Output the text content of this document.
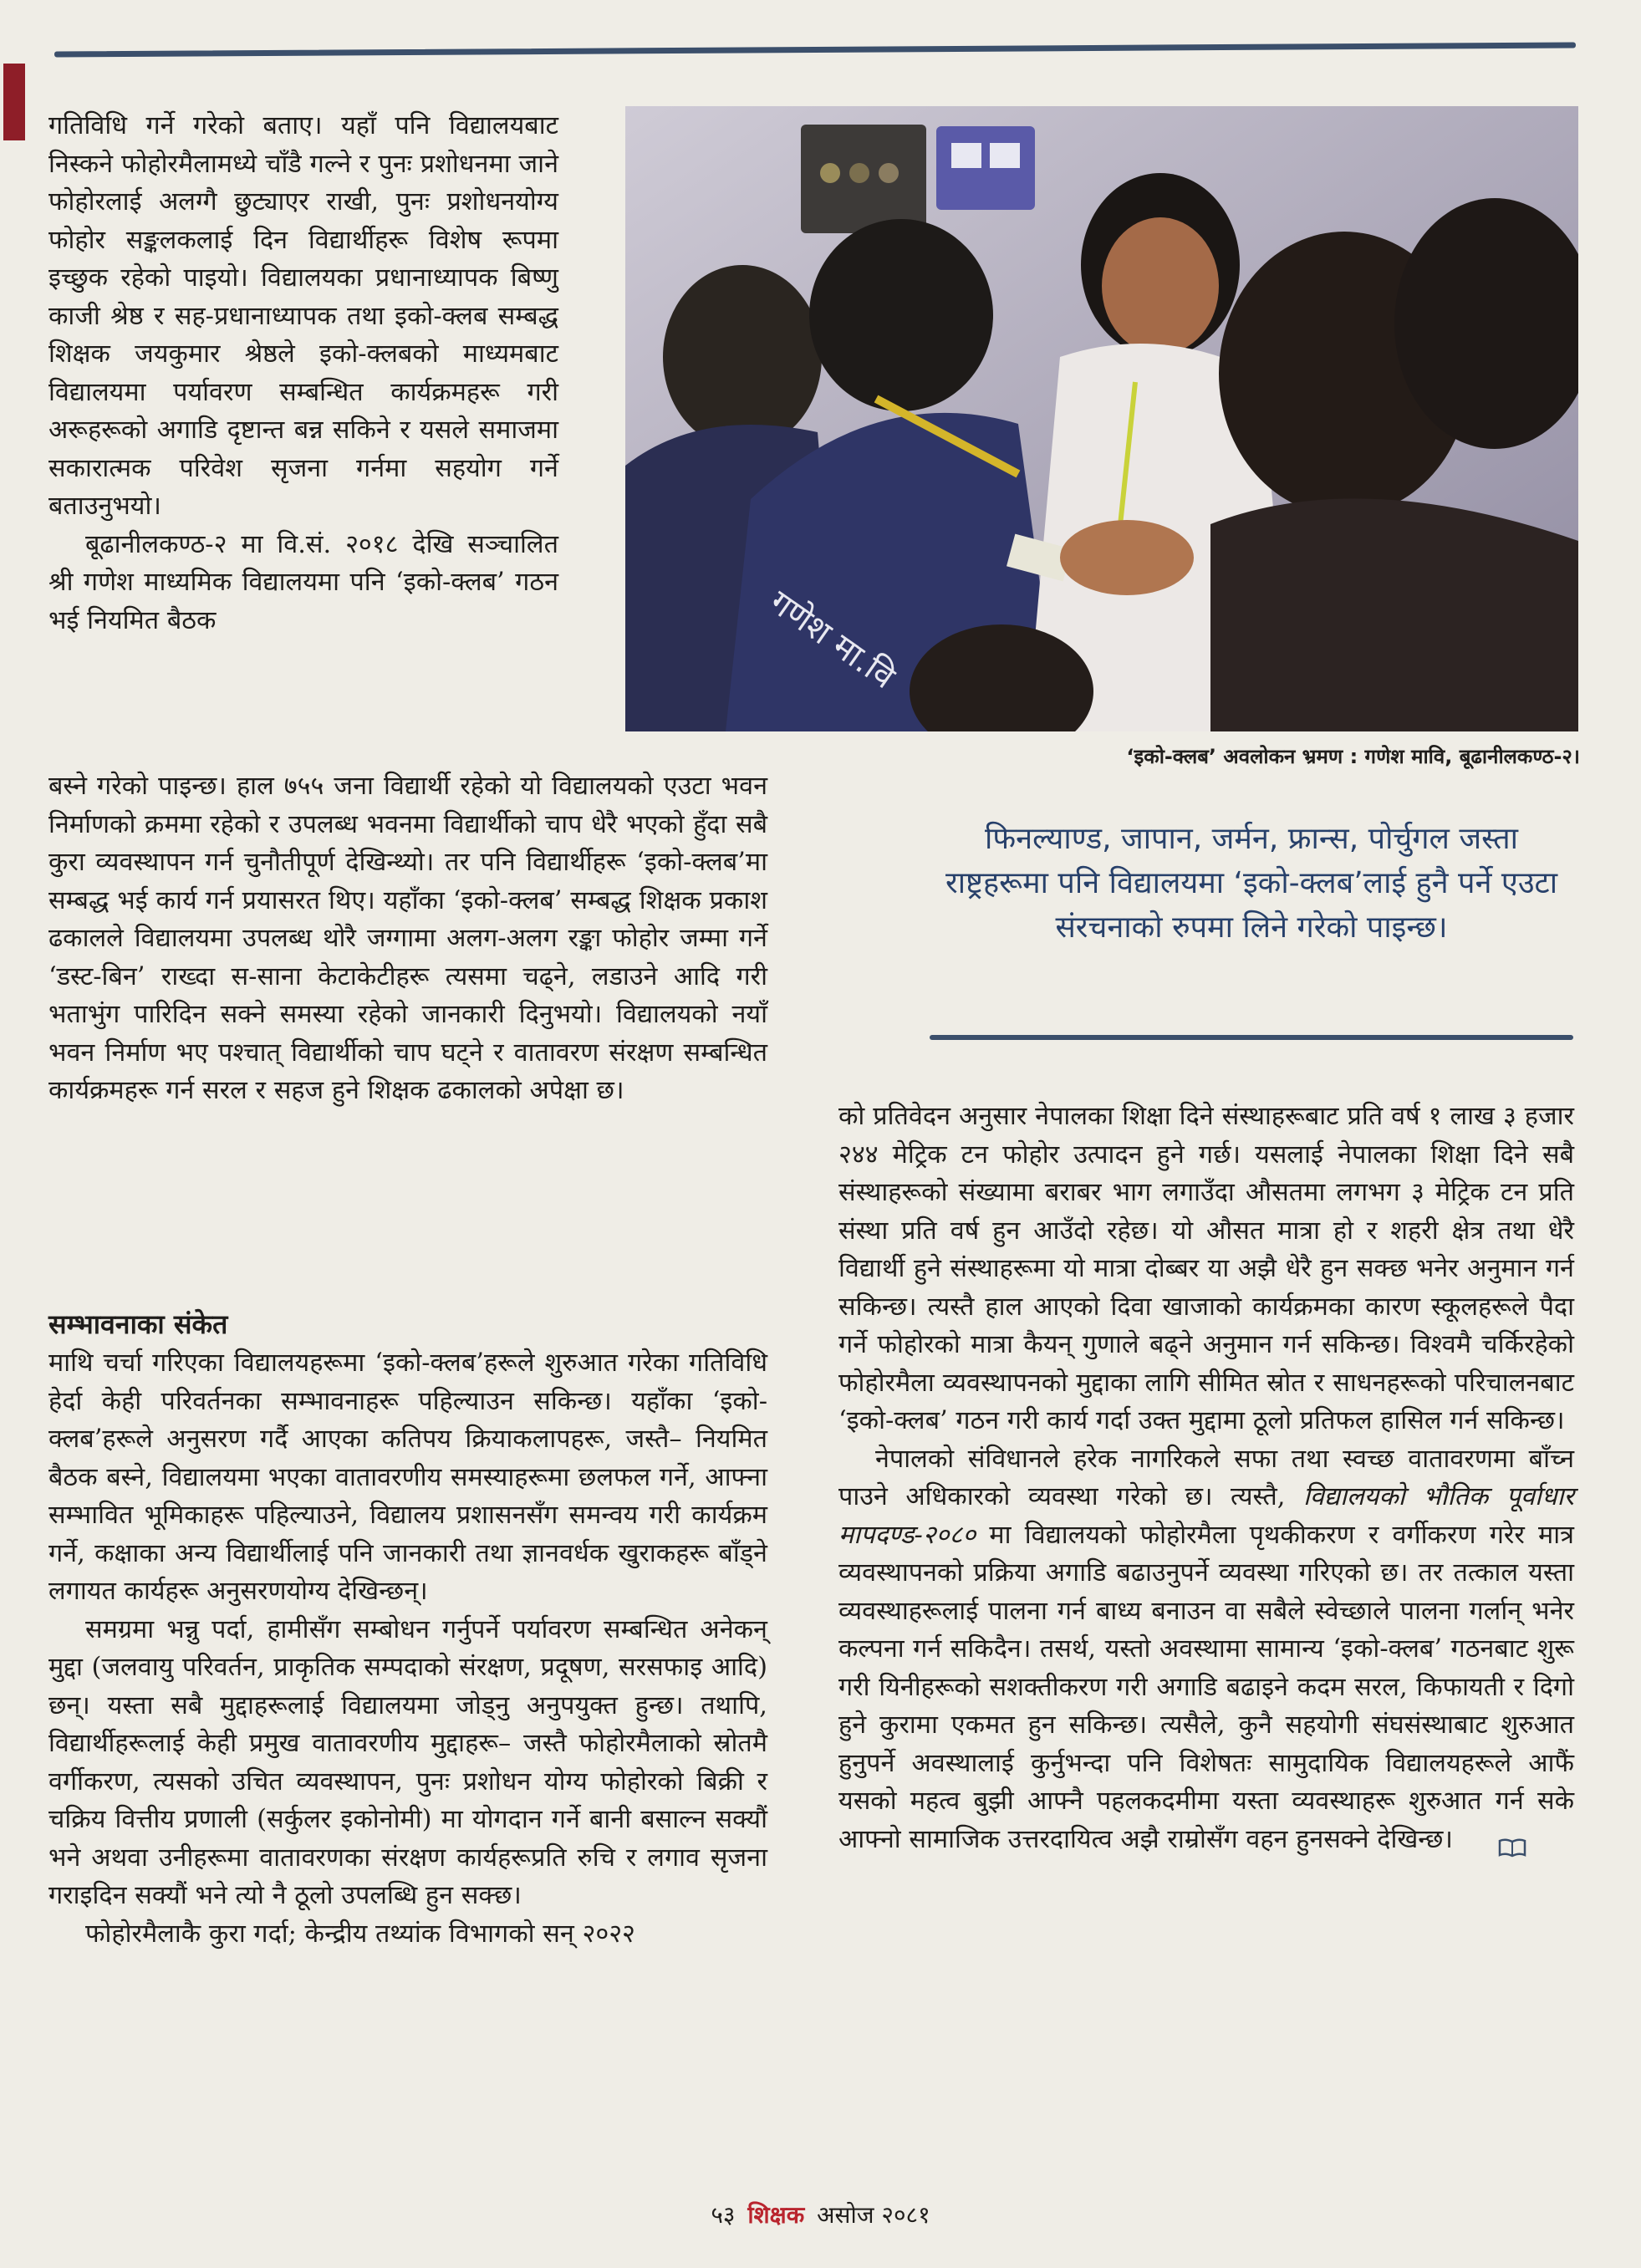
गतिविधि गर्ने गरेको बताए। यहाँ पनि विद्यालयबाट निस्कने फोहोरमैलामध्ये चाँडै गल्ने र पुनः प्रशोधनमा जाने फोहोरलाई अलग्गै छुट्याएर राखी, पुनः प्रशोधनयोग्य फोहोर सङ्कलकलाई दिन विद्यार्थीहरू विशेष रूपमा इच्छुक रहेको पाइयो। विद्यालयका प्रधानाध्यापक बिष्णु काजी श्रेष्ठ र सह-प्रधानाध्यापक तथा इको-क्लब सम्बद्ध शिक्षक जयकुमार श्रेष्ठले इको-क्लबको माध्यमबाट विद्यालयमा पर्यावरण सम्बन्धित कार्यक्रमहरू गरी अरूहरूको अगाडि दृष्टान्त बन्न सकिने र यसले समाजमा सकारात्मक परिवेश सृजना गर्नमा सहयोग गर्ने बताउनुभयो।

बूढानीलकण्ठ-२ मा वि.सं. २०१८ देखि सञ्चालित श्री गणेश माध्यमिक विद्यालयमा पनि ‘इको-क्लब’ गठन भई नियमित बैठक

बस्ने गरेको पाइन्छ। हाल ७५५ जना विद्यार्थी रहेको यो विद्यालयको एउटा भवन निर्माणको क्रममा रहेको र उपलब्ध भवनमा विद्यार्थीको चाप धेरै भएको हुँदा सबै कुरा व्यवस्थापन गर्न चुनौतीपूर्ण देखिन्थ्यो। तर पनि विद्यार्थीहरू ‘इको-क्लब’मा सम्बद्ध भई कार्य गर्न प्रयासरत थिए। यहाँका ‘इको-क्लब’ सम्बद्ध शिक्षक प्रकाश ढकालले विद्यालयमा उपलब्ध थोरै जग्गामा अलग-अलग रङ्का फोहोर जम्मा गर्ने ‘डस्ट-बिन’ राख्दा स-साना केटाकेटीहरू त्यसमा चढ्ने, लडाउने आदि गरी भताभुंग पारिदिन सक्ने समस्या रहेको जानकारी दिनुभयो। विद्यालयको नयाँ भवन निर्माण भए पश्चात् विद्यार्थीको चाप घट्ने र वातावरण संरक्षण सम्बन्धित कार्यक्रमहरू गर्न सरल र सहज हुने शिक्षक ढकालको अपेक्षा छ।

सम्भावनाका संकेत

माथि चर्चा गरिएका विद्यालयहरूमा ‘इको-क्लब’हरूले शुरुआत गरेका गतिविधि हेर्दा केही परिवर्तनका सम्भावनाहरू पहिल्याउन सकिन्छ। यहाँका ‘इको-क्लब’हरूले अनुसरण गर्दै आएका कतिपय क्रियाकलापहरू, जस्तै– नियमित बैठक बस्ने, विद्यालयमा भएका वातावरणीय समस्याहरूमा छलफल गर्ने, आफ्ना सम्भावित भूमिकाहरू पहिल्याउने, विद्यालय प्रशासनसँग समन्वय गरी कार्यक्रम गर्ने, कक्षाका अन्य विद्यार्थीलाई पनि जानकारी तथा ज्ञानवर्धक खुराकहरू बाँड्ने लगायत कार्यहरू अनुसरणयोग्य देखिन्छन्।

समग्रमा भन्नु पर्दा, हामीसँग सम्बोधन गर्नुपर्ने पर्यावरण सम्बन्धित अनेकन् मुद्दा (जलवायु परिवर्तन, प्राकृतिक सम्पदाको संरक्षण, प्रदूषण, सरसफाइ आदि) छन्। यस्ता सबै मुद्दाहरूलाई विद्यालयमा जोड्नु अनुपयुक्त हुन्छ। तथापि, विद्यार्थीहरूलाई केही प्रमुख वातावरणीय मुद्दाहरू– जस्तै फोहोरमैलाको स्रोतमै वर्गीकरण, त्यसको उचित व्यवस्थापन, पुनः प्रशोधन योग्य फोहोरको बिक्री र चक्रिय वित्तीय प्रणाली (सर्कुलर इकोनोमी) मा योगदान गर्ने बानी बसाल्न सक्यौं भने अथवा उनीहरूमा वातावरणका संरक्षण कार्यहरूप्रति रुचि र लगाव सृजना गराइदिन सक्यौं भने त्यो नै ठूलो उपलब्धि हुन सक्छ।

फोहोरमैलाकै कुरा गर्दा; केन्द्रीय तथ्यांक विभागको सन् २०२२

गणेश मा.वि
‘इको-क्लब’ अवलोकन भ्रमण : गणेश मावि, बूढानीलकण्ठ-२।
फिनल्याण्ड, जापान, जर्मन, फ्रान्स, पोर्चुगल जस्ता राष्ट्रहरूमा पनि विद्यालयमा ‘इको-क्लब’लाई हुनै पर्ने एउटा संरचनाको रुपमा लिने गरेको पाइन्छ।

को प्रतिवेदन अनुसार नेपालका शिक्षा दिने संस्थाहरूबाट प्रति वर्ष १ लाख ३ हजार २४४ मेट्रिक टन फोहोर उत्पादन हुने गर्छ। यसलाई नेपालका शिक्षा दिने सबै संस्थाहरूको संख्यामा बराबर भाग लगाउँदा औसतमा लगभग ३ मेट्रिक टन प्रति संस्था प्रति वर्ष हुन आउँदो रहेछ। यो औसत मात्रा हो र शहरी क्षेत्र तथा धेरै विद्यार्थी हुने संस्थाहरूमा यो मात्रा दोब्बर या अझै धेरै हुन सक्छ भनेर अनुमान गर्न सकिन्छ। त्यस्तै हाल आएको दिवा खाजाको कार्यक्रमका कारण स्कूलहरूले पैदा गर्ने फोहोरको मात्रा कैयन् गुणाले बढ्ने अनुमान गर्न सकिन्छ। विश्वमै चर्किरहेको फोहोरमैला व्यवस्थापनको मुद्दाका लागि सीमित स्रोत र साधनहरूको परिचालनबाट ‘इको-क्लब’ गठन गरी कार्य गर्दा उक्त मुद्दामा ठूलो प्रतिफल हासिल गर्न सकिन्छ।

नेपालको संविधानले हरेक नागरिकले सफा तथा स्वच्छ वातावरणमा बाँच्न पाउने अधिकारको व्यवस्था गरेको छ। त्यस्तै, विद्यालयको भौतिक पूर्वाधार मापदण्ड-२०८० मा विद्यालयको फोहोरमैला पृथकीकरण र वर्गीकरण गरेर मात्र व्यवस्थापनको प्रक्रिया अगाडि बढाउनुपर्ने व्यवस्था गरिएको छ। तर तत्काल यस्ता व्यवस्थाहरूलाई पालना गर्न बाध्य बनाउन वा सबैले स्वेच्छाले पालना गर्लान् भनेर कल्पना गर्न सकिदैन। तसर्थ, यस्तो अवस्थामा सामान्य ‘इको-क्लब’ गठनबाट शुरू गरी यिनीहरूको सशक्तीकरण गरी अगाडि बढाइने कदम सरल, किफायती र दिगो हुने कुरामा एकमत हुन सकिन्छ। त्यसैले, कुनै सहयोगी संघसंस्थाबाट शुरुआत हुनुपर्ने अवस्थालाई कुर्नुभन्दा पनि विशेषतः सामुदायिक विद्यालयहरूले आफैं यसको महत्व बुझी आफ्नै पहलकदमीमा यस्ता व्यवस्थाहरू शुरुआत गर्न सके आफ्नो सामाजिक उत्तरदायित्व अझै राम्रोसँग वहन हुनसक्ने देखिन्छ।

५३ शिक्षक असोज २०८१
